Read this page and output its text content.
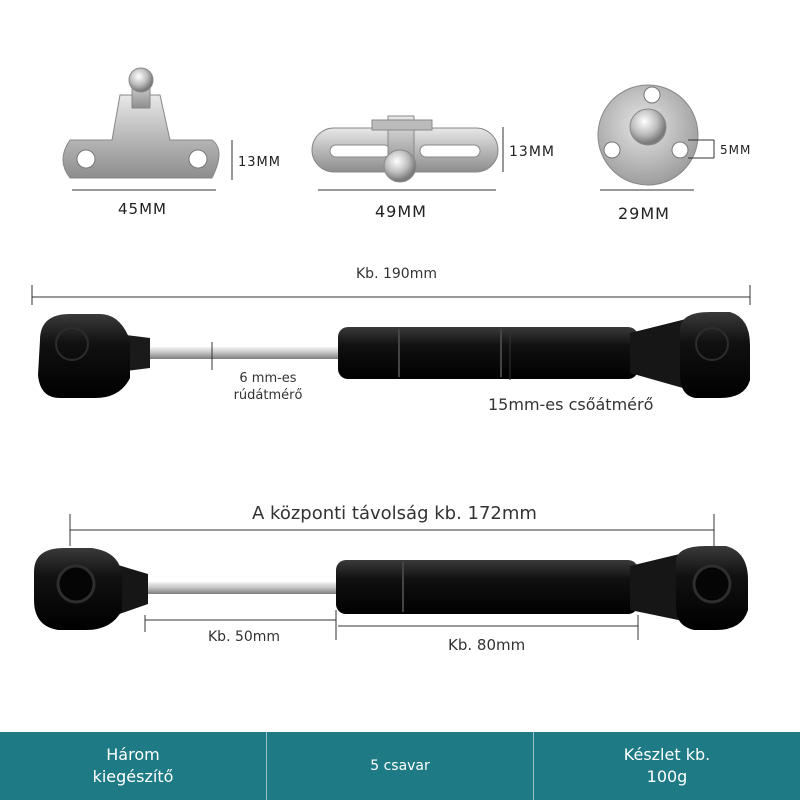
45MM
13MM
49MM
13MM
29MM
5MM
Kb. 190mm
6 mm-es
rúdátmérő	15mm-es csőátmérő
A központi távolság kb. 172mm
Kb. 50mm	Kb. 80mm
Három
kiegészítő
5 csavar
Készlet kb.
100g
